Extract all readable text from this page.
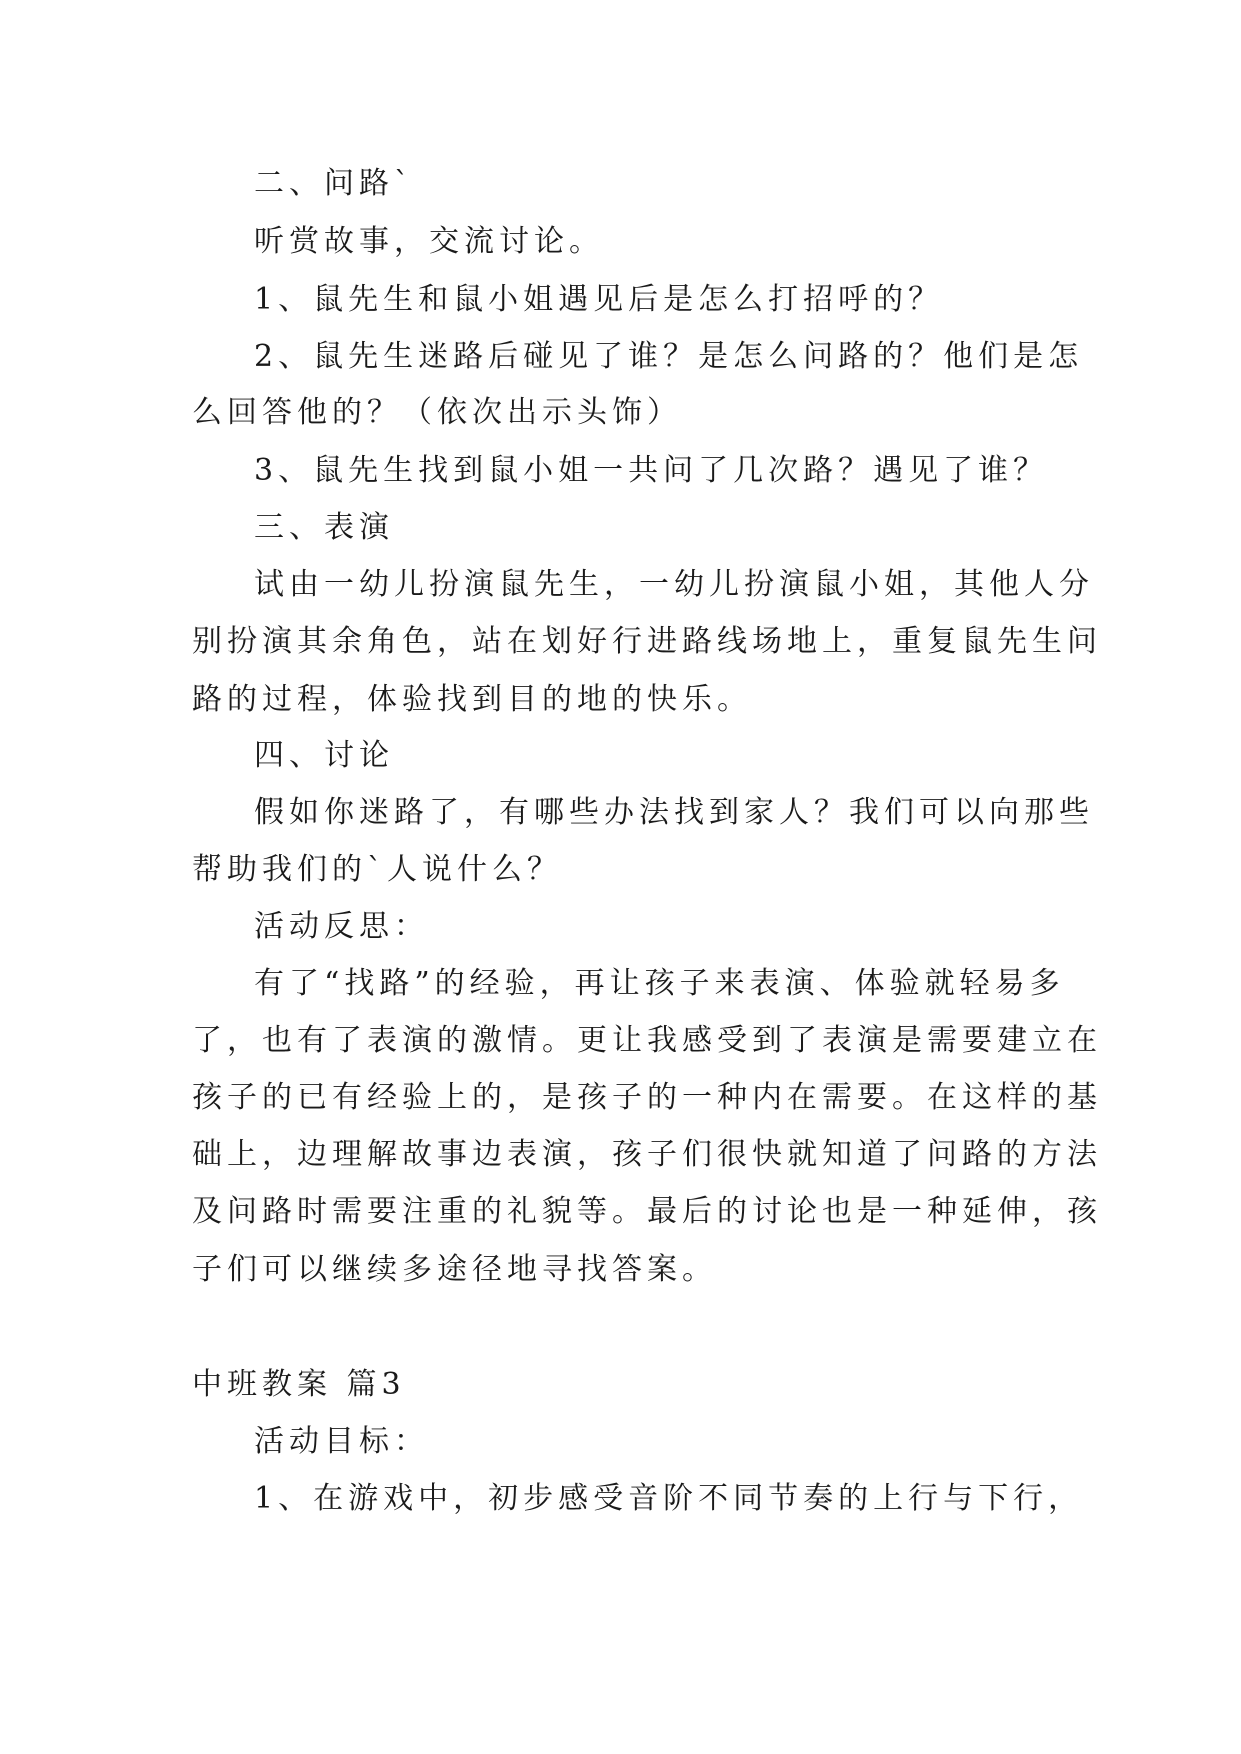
二、问路`
听赏故事，交流讨论。
1、鼠先生和鼠小姐遇见后是怎么打招呼的？
2、鼠先生迷路后碰见了谁？是怎么问路的？他们是怎
么回答他的？（依次出示头饰）
3、鼠先生找到鼠小姐一共问了几次路？遇见了谁？
三、表演
试由一幼儿扮演鼠先生，一幼儿扮演鼠小姐，其他人分
别扮演其余角色，站在划好行进路线场地上，重复鼠先生问
路的过程，体验找到目的地的快乐。
四、讨论
假如你迷路了，有哪些办法找到家人？我们可以向那些
帮助我们的`人说什么？
活动反思：
有了“找路”的经验，再让孩子来表演、体验就轻易多
了，也有了表演的激情。更让我感受到了表演是需要建立在
孩子的已有经验上的，是孩子的一种内在需要。在这样的基
础上，边理解故事边表演，孩子们很快就知道了问路的方法
及问路时需要注重的礼貌等。最后的讨论也是一种延伸，孩
子们可以继续多途径地寻找答案。
中班教案 篇3
活动目标：
1、在游戏中，初步感受音阶不同节奏的上行与下行，
